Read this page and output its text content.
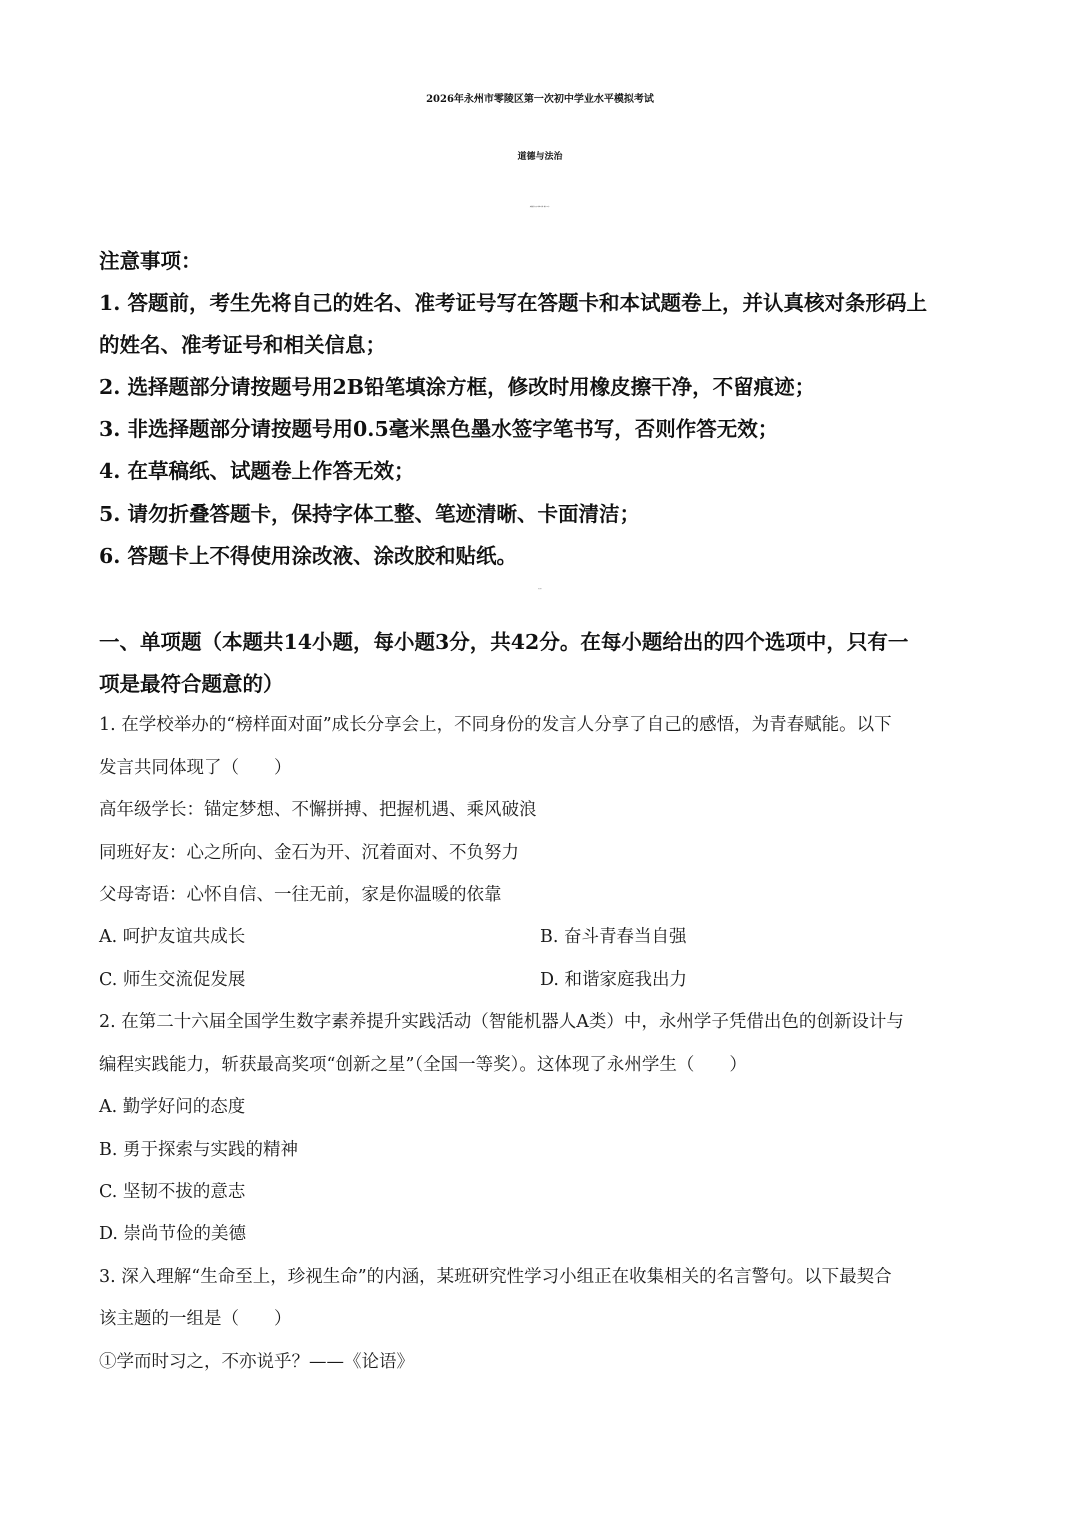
2026年永州市零陵区第一次初中学业水平模拟考试
道德与法治
本试题卷共6页。时量60分钟。满分100分。
注意事项：
1. 答题前，考生先将自己的姓名、准考证号写在答题卡和本试题卷上，并认真核对条形码上
的姓名、准考证号和相关信息；
2. 选择题部分请按题号用2B铅笔填涂方框，修改时用橡皮擦干净，不留痕迹；
3. 非选择题部分请按题号用0.5毫米黑色墨水签字笔书写，否则作答无效；
4. 在草稿纸、试题卷上作答无效；
5. 请勿折叠答题卡，保持字体工整、笔迹清晰、卡面清洁；
6. 答题卡上不得使用涂改液、涂改胶和贴纸。
一、单项题（本题共14小题，每小题3分，共42分。在每小题给出的四个选项中，只有一
项是最符合题意的）
1. 在学校举办的“榜样面对面”成长分享会上，不同身份的发言人分享了自己的感悟，为青春赋能。以下
发言共同体现了（　　）
高年级学长：锚定梦想、不懈拼搏、把握机遇、乘风破浪
同班好友：心之所向、金石为开、沉着面对、不负努力
父母寄语：心怀自信、一往无前，家是你温暖的依靠
A. 呵护友谊共成长	B. 奋斗青春当自强
C. 师生交流促发展	D. 和谐家庭我出力
2. 在第二十六届全国学生数字素养提升实践活动（智能机器人A类）中，永州学子凭借出色的创新设计与
编程实践能力，斩获最高奖项“创新之星”（全国一等奖）。这体现了永州学生（　　）
A. 勤学好问的态度
B. 勇于探索与实践的精神
C. 坚韧不拔的意志
D. 崇尚节俭的美德
3. 深入理解“生命至上，珍视生命”的内涵，某班研究性学习小组正在收集相关的名言警句。以下最契合
该主题的一组是（　　）
①学而时习之，不亦说乎？——《论语》
